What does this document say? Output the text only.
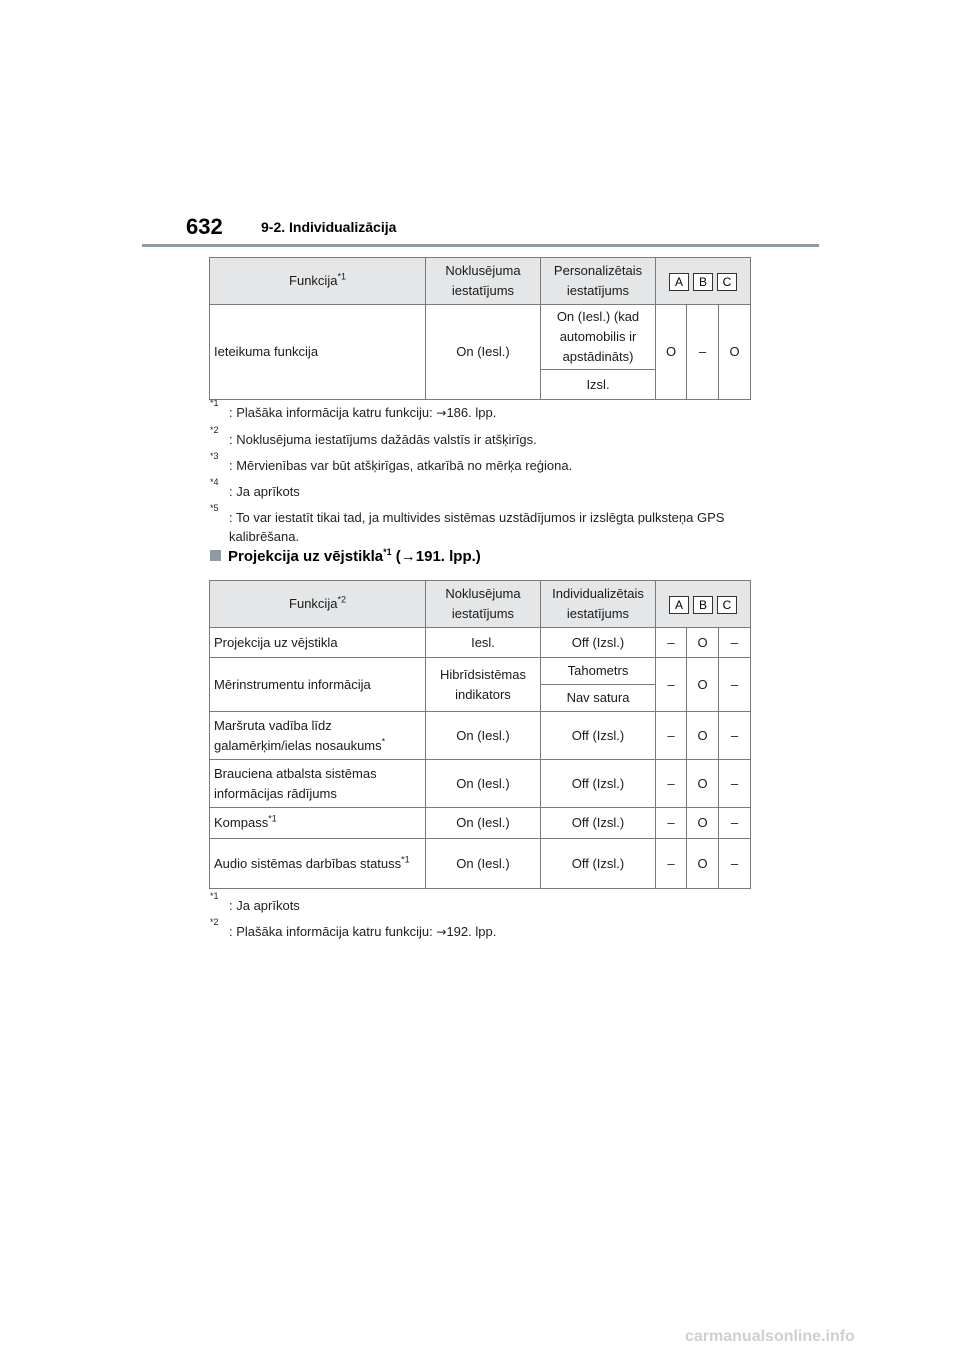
632	9-2. Individualizācija
Funkcija$^{*1}$	Noklusējuma iestatījums	Personalizētais iestatījums	A B C		
Ieteikuma funkcija	On (Iesl.)	On (Iesl.) (kad automobilis ir apstādināts)	O	–	O
		Izsl.			
*1
: Plašāka informācija katru funkciju: →186. lpp.
*2
: Noklusējuma iestatījums dažādās valstīs ir atšķirīgs.
*3
: Mērvienības var būt atšķirīgas, atkarībā no mērķa reģiona.
*4
: Ja aprīkots
*5
: To var iestatīt tikai tad, ja multivides sistēmas uzstādījumos ir izslēgta pulksteņa GPS kalibrēšana.
Projekcija uz vējstikla$^{*1}$ (→191. lpp.)
Funkcija$^{*2}$	Noklusējuma iestatījums	Individualizētais iestatījums	A B C		
Projekcija uz vējstikla	Iesl.	Off (Izsl.)	–	O	–
Mērinstrumentu informācija	Hibrīdsistēmas indikators	Tahometrs	–	O	–
		Nav satura			
Maršruta vadība līdz galamērķim/ielas nosaukums*	On (Iesl.)	Off (Izsl.)	–	O	–
Brauciena atbalsta sistēmas informācijas rādījums	On (Iesl.)	Off (Izsl.)	–	O	–
Kompass$^{*1}$	On (Iesl.)	Off (Izsl.)	–	O	–
Audio sistēmas darbības statuss$^{*1}$	On (Iesl.)	Off (Izsl.)	–	O	–
*1
: Ja aprīkots
*2
: Plašāka informācija katru funkciju: →192. lpp.
carmanualsonline.info
